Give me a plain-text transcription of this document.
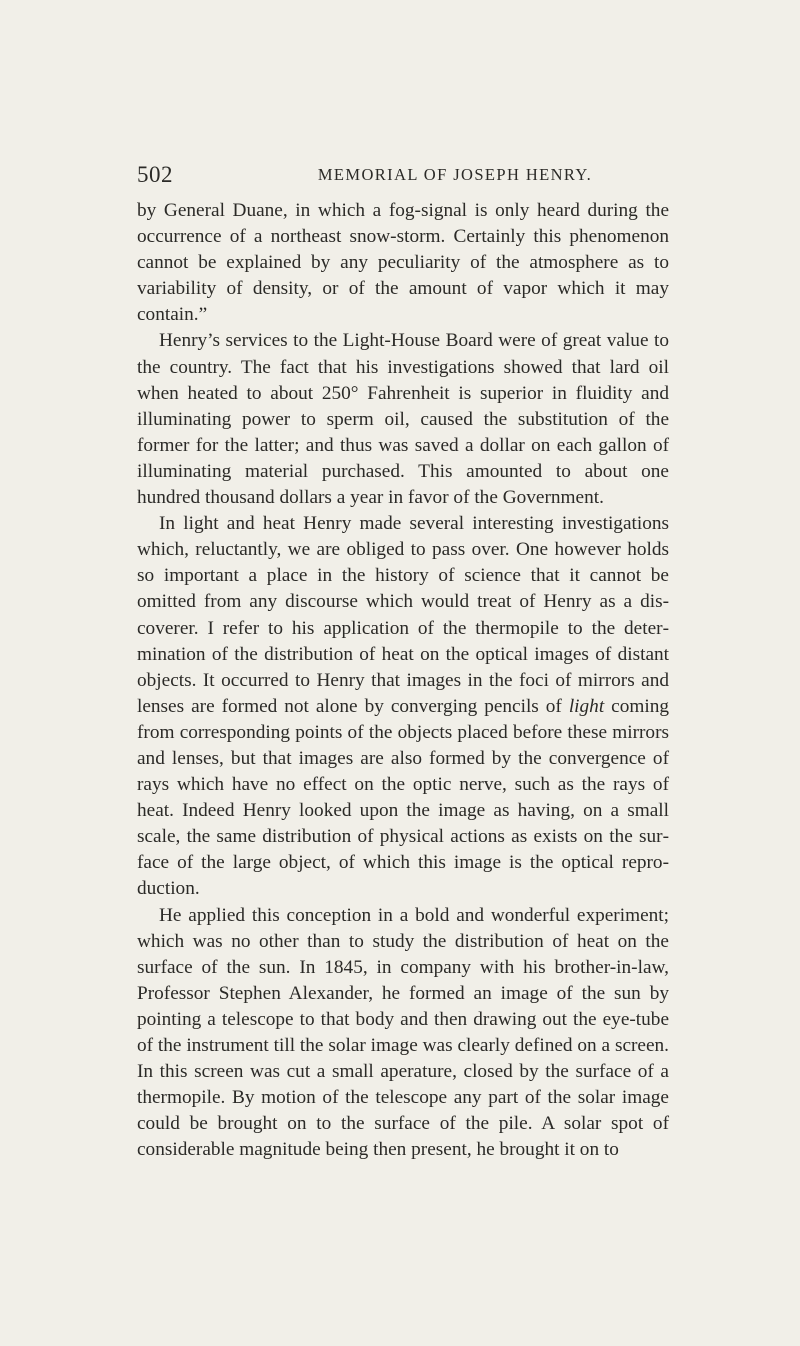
502	MEMORIAL OF JOSEPH HENRY.

by General Duane, in which a fog-signal is only heard during the occurrence of a northeast snow-storm. Certainly this phenomenon cannot be explained by any peculiarity of the atmosphere as to variability of density, or of the amount of vapor which it may contain.”

Henry’s services to the Light-House Board were of great value to the country. The fact that his investigations showed that lard oil when heated to about 250° Fahrenheit is superior in fluidity and illuminating power to sperm oil, caused the substitution of the former for the latter; and thus was saved a dollar on each gallon of illuminating material purchased. This amounted to about one hundred thousand dollars a year in favor of the Government.

In light and heat Henry made several interesting investigations which, reluctantly, we are obliged to pass over. One however holds so important a place in the history of science that it cannot be omitted from any discourse which would treat of Henry as a discoverer. I refer to his application of the thermopile to the determination of the distribution of heat on the optical images of distant objects. It occurred to Henry that images in the foci of mirrors and lenses are formed not alone by converging pencils of light coming from corresponding points of the objects placed before these mirrors and lenses, but that images are also formed by the convergence of rays which have no effect on the optic nerve, such as the rays of heat. Indeed Henry looked upon the image as having, on a small scale, the same distribution of physical actions as exists on the surface of the large object, of which this image is the optical reproduction.

He applied this conception in a bold and wonderful experiment; which was no other than to study the distribution of heat on the surface of the sun. In 1845, in company with his brother-in-law, Professor Stephen Alexander, he formed an image of the sun by pointing a telescope to that body and then drawing out the eye-tube of the instrument till the solar image was clearly defined on a screen. In this screen was cut a small aperature, closed by the surface of a thermopile. By motion of the telescope any part of the solar image could be brought on to the surface of the pile. A solar spot of considerable magnitude being then present, he brought it on to
